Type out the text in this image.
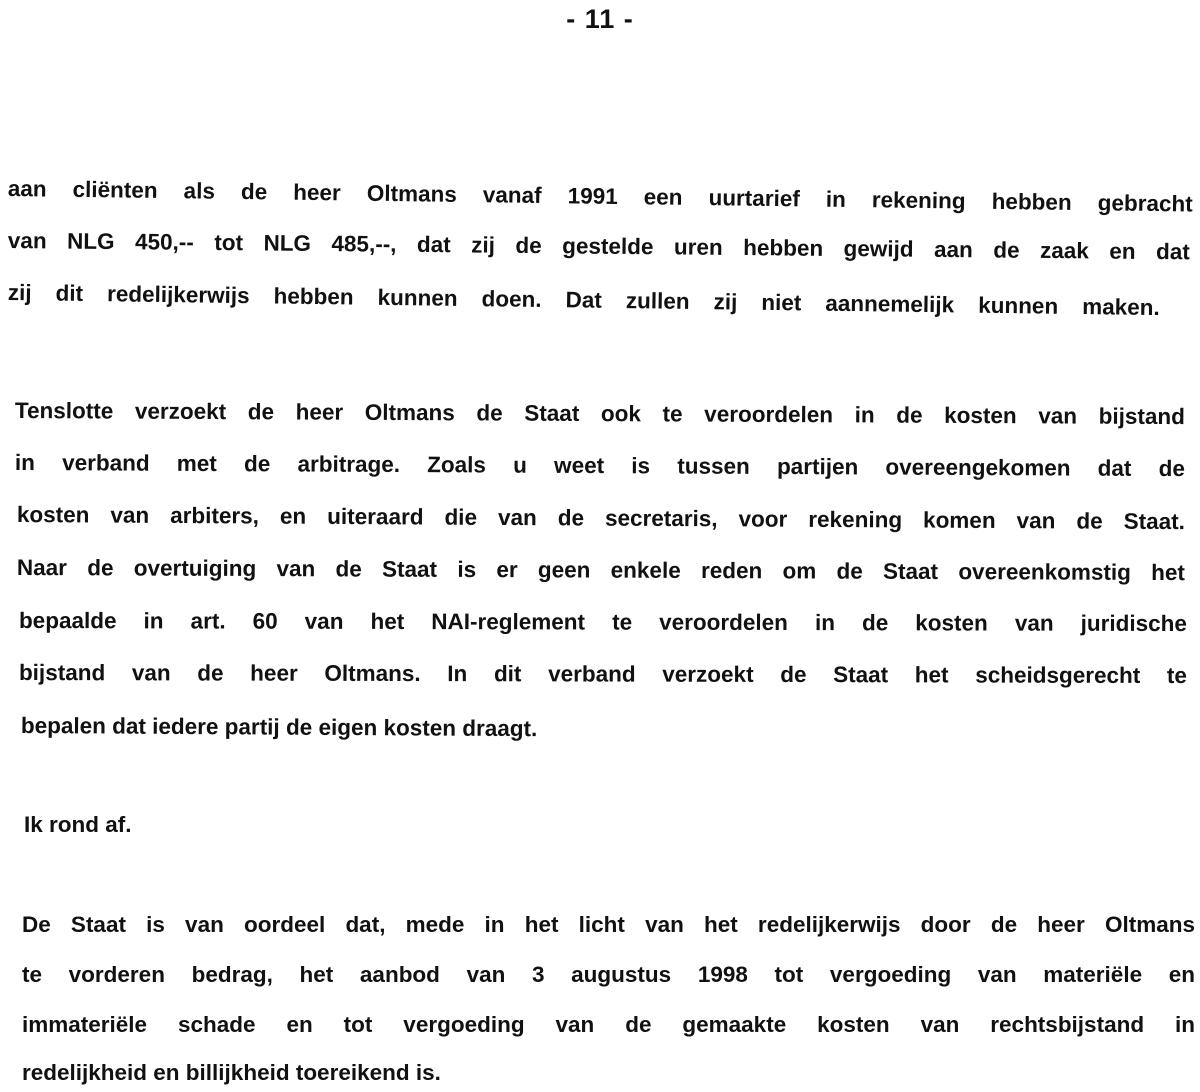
- 11 -
aan cliënten als de heer Oltmans vanaf 1991 een uurtarief in rekening hebben gebracht
van NLG 450,-- tot NLG 485,--, dat zij de gestelde uren hebben gewijd aan de zaak en dat
zij dit redelijkerwijs hebben kunnen doen. Dat zullen zij niet aannemelijk kunnen maken.
Tenslotte verzoekt de heer Oltmans de Staat ook te veroordelen in de kosten van bijstand
in verband met de arbitrage. Zoals u weet is tussen partijen overeengekomen dat de
kosten van arbiters, en uiteraard die van de secretaris, voor rekening komen van de Staat.
Naar de overtuiging van de Staat is er geen enkele reden om de Staat overeenkomstig het
bepaalde in art. 60 van het NAI-reglement te veroordelen in de kosten van juridische
bijstand van de heer Oltmans. In dit verband verzoekt de Staat het scheidsgerecht te
bepalen dat iedere partij de eigen kosten draagt.
Ik rond af.
De Staat is van oordeel dat, mede in het licht van het redelijkerwijs door de heer Oltmans
te vorderen bedrag, het aanbod van 3 augustus 1998 tot vergoeding van materiële en
immateriële schade en tot vergoeding van de gemaakte kosten van rechtsbijstand in
redelijkheid en billijkheid toereikend is.
